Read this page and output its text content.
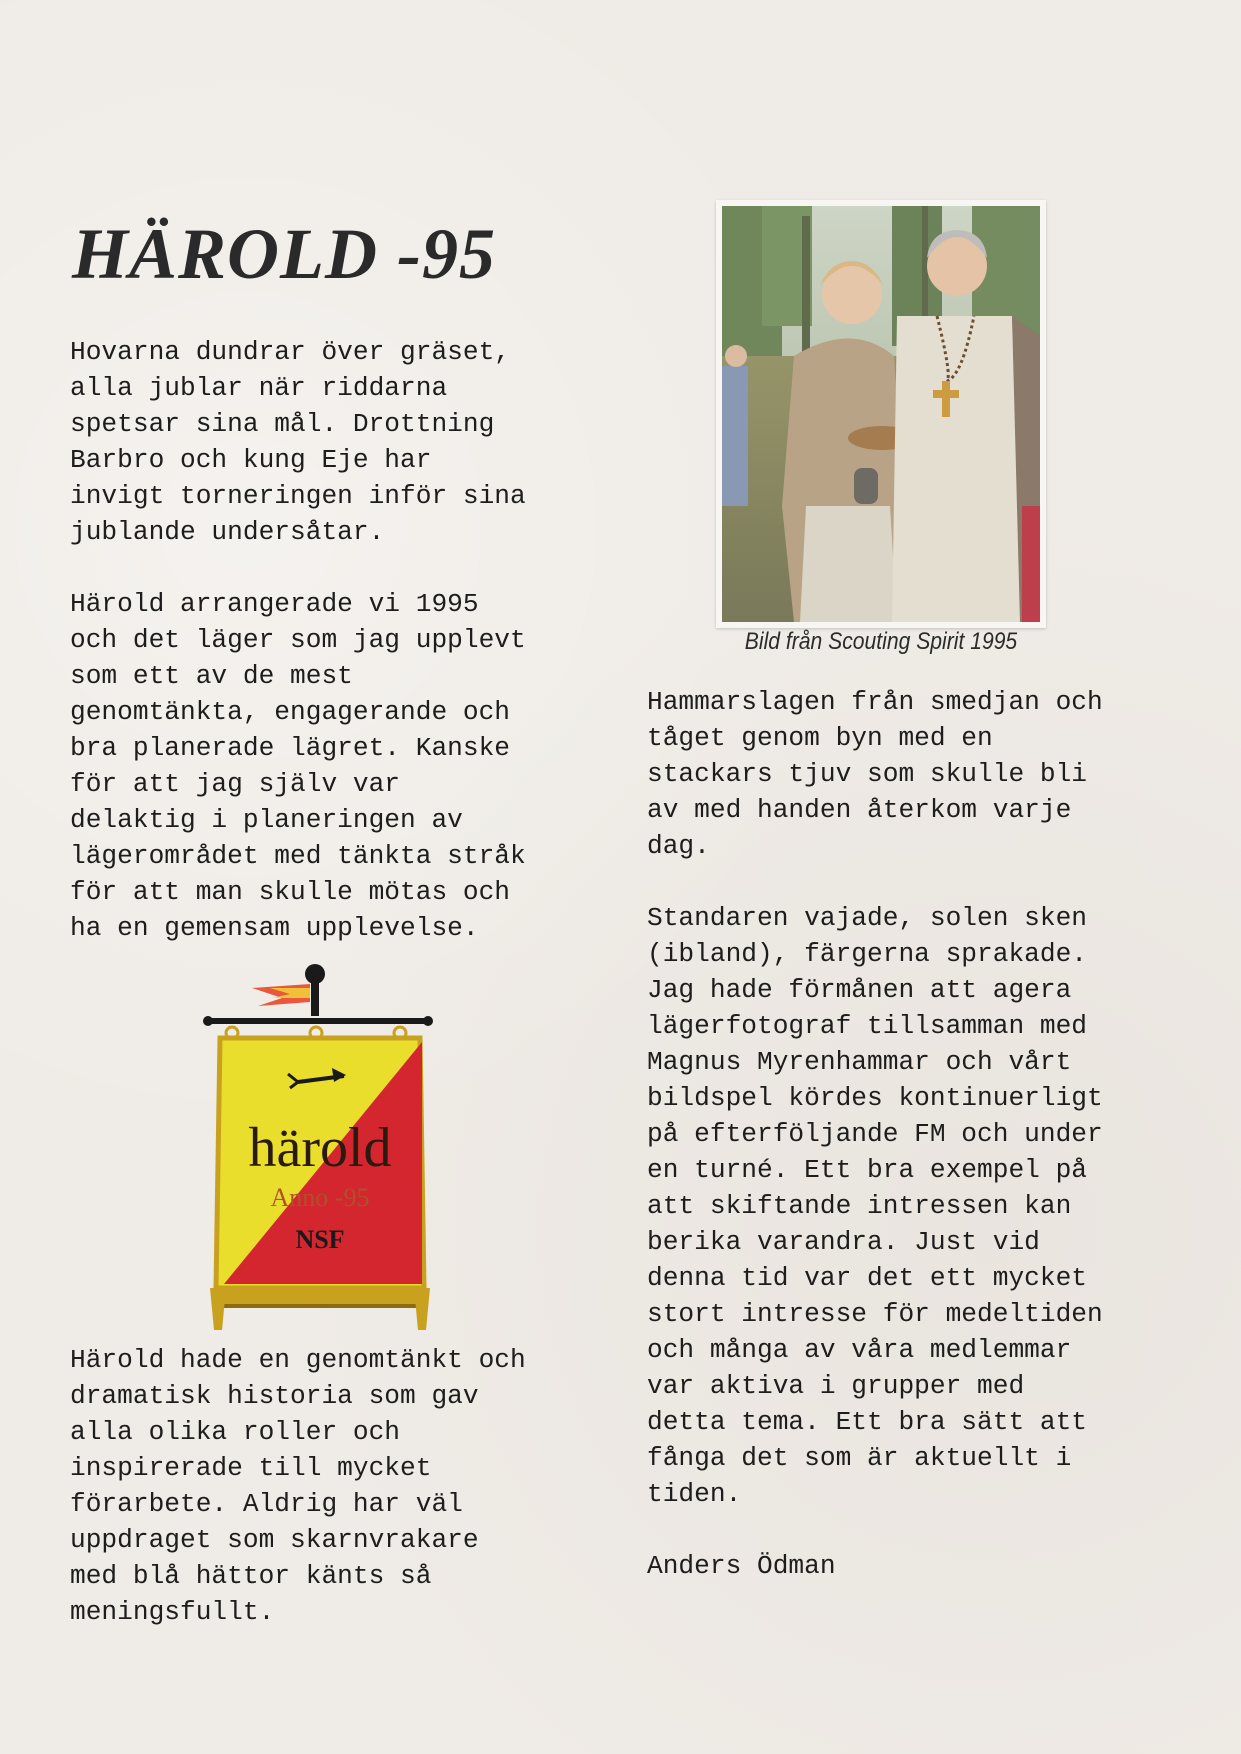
HÄROLD -95

Hovarna dundrar över gräset,
alla jublar när riddarna
spetsar sina mål. Drottning
Barbro och kung Eje har
invigt torneringen inför sina
jublande undersåtar.

Härold arrangerade vi 1995
och det läger som jag upplevt
som ett av de mest
genomtänkta, engagerande och
bra planerade lägret. Kanske
för att jag själv var
delaktig i planeringen av
lägerområdet med tänkta stråk
för att man skulle mötas och
ha en gemensam upplevelse.

Härold hade en genomtänkt och
dramatisk historia som gav
alla olika roller och
inspirerade till mycket
förarbete. Aldrig har väl
uppdraget som skarnvrakare
med blå hättor känts så
meningsfullt.

Hammarslagen från smedjan och
tåget genom byn med en
stackars tjuv som skulle bli
av med handen återkom varje
dag.

Standaren vajade, solen sken
(ibland), färgerna sprakade.
Jag hade förmånen att agera
lägerfotograf tillsamman med
Magnus Myrenhammar och vårt
bildspel kördes kontinuerligt
på efterföljande FM och under
en turné. Ett bra exempel på
att skiftande intressen kan
berika varandra. Just vid
denna tid var det ett mycket
stort intresse för medeltiden
och många av våra medlemmar
var aktiva i grupper med
detta tema. Ett bra sätt att
fånga det som är aktuellt i
tiden.

Anders Ödman

Bild från Scouting Spirit 1995
härold
Anno -95
NSF
